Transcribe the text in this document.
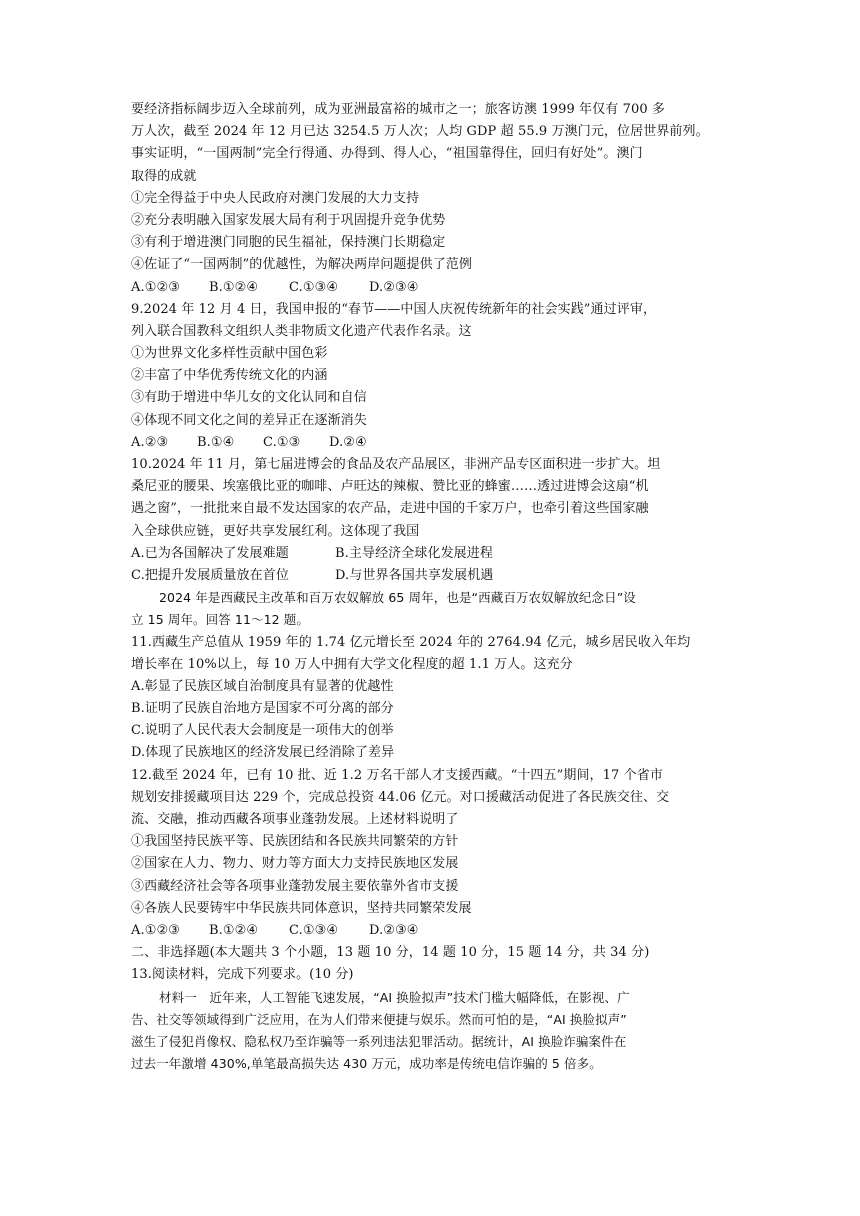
要经济指标阔步迈入全球前列，成为亚洲最富裕的城市之一；旅客访澳 1999 年仅有 700 多
万人次，截至 2024 年 12 月已达 3254.5 万人次；人均 GDP 超 55.9 万澳门元，位居世界前列。
事实证明，“一国两制”完全行得通、办得到、得人心，“祖国靠得住，回归有好处”。澳门
取得的成就
①完全得益于中央人民政府对澳门发展的大力支持
②充分表明融入国家发展大局有利于巩固提升竞争优势
③有利于增进澳门同胞的民生福祉，保持澳门长期稳定
④佐证了“一国两制”的优越性，为解决两岸问题提供了范例
A.①②③ B.①②④ C.①③④ D.②③④
9.2024 年 12 月 4 日，我国申报的“春节——中国人庆祝传统新年的社会实践”通过评审，
列入联合国教科文组织人类非物质文化遗产代表作名录。这
①为世界文化多样性贡献中国色彩
②丰富了中华优秀传统文化的内涵
③有助于增进中华儿女的文化认同和自信
④体现不同文化之间的差异正在逐渐消失
A.②③ B.①④ C.①③ D.②④
10.2024 年 11 月，第七届进博会的食品及农产品展区，非洲产品专区面积进一步扩大。坦
桑尼亚的腰果、埃塞俄比亚的咖啡、卢旺达的辣椒、赞比亚的蜂蜜……透过进博会这扇“机
遇之窗”，一批批来自最不发达国家的农产品，走进中国的千家万户，也牵引着这些国家融
入全球供应链，更好共享发展红利。这体现了我国
A.已为各国解决了发展难题	B.主导经济全球化发展进程
C.把提升发展质量放在首位	D.与世界各国共享发展机遇
2024 年是西藏民主改革和百万农奴解放 65 周年，也是“西藏百万农奴解放纪念日”设
立 15 周年。回答 11～12 题。
11.西藏生产总值从 1959 年的 1.74 亿元增长至 2024 年的 2764.94 亿元，城乡居民收入年均
增长率在 10%以上，每 10 万人中拥有大学文化程度的超 1.1 万人。这充分
A.彰显了民族区域自治制度具有显著的优越性
B.证明了民族自治地方是国家不可分离的部分
C.说明了人民代表大会制度是一项伟大的创举
D.体现了民族地区的经济发展已经消除了差异
12.截至 2024 年，已有 10 批、近 1.2 万名干部人才支援西藏。“十四五”期间，17 个省市
规划安排援藏项目达 229 个，完成总投资 44.06 亿元。对口援藏活动促进了各民族交往、交
流、交融，推动西藏各项事业蓬勃发展。上述材料说明了
①我国坚持民族平等、民族团结和各民族共同繁荣的方针
②国家在人力、物力、财力等方面大力支持民族地区发展
③西藏经济社会等各项事业蓬勃发展主要依靠外省市支援
④各族人民要铸牢中华民族共同体意识，坚持共同繁荣发展
A.①②③ B.①②④ C.①③④ D.②③④
二、非选择题(本大题共 3 个小题，13 题 10 分，14 题 10 分，15 题 14 分，共 34 分)
13.阅读材料，完成下列要求。(10 分)
材料一　近年来，人工智能飞速发展，“AI 换脸拟声”技术门槛大幅降低，在影视、广
告、社交等领域得到广泛应用，在为人们带来便捷与娱乐。然而可怕的是，“AI 换脸拟声”
滋生了侵犯肖像权、隐私权乃至诈骗等一系列违法犯罪活动。据统计，AI 换脸诈骗案件在
过去一年激增 430%,单笔最高损失达 430 万元，成功率是传统电信诈骗的 5 倍多。
